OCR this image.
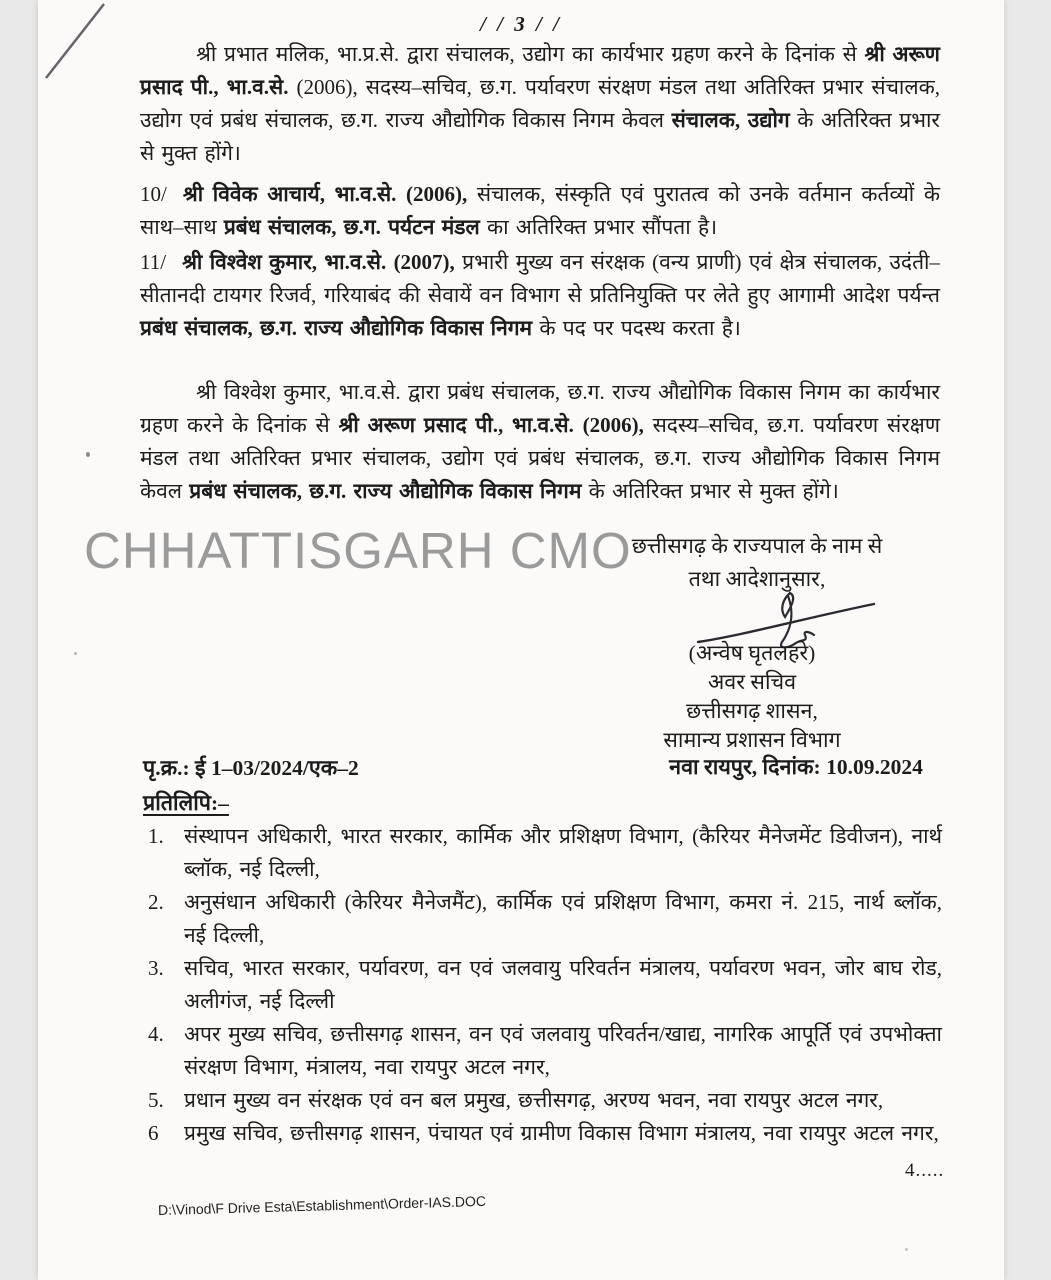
/ / 3 / /

श्री प्रभात मलिक, भा.प्र.से. द्वारा संचालक, उद्योग का कार्यभार ग्रहण करने के दिनांक से श्री अरूण प्रसाद पी., भा.व.से. (2006), सदस्य–सचिव, छ.ग. पर्यावरण संरक्षण मंडल तथा अतिरिक्त प्रभार संचालक, उद्योग एवं प्रबंध संचालक, छ.ग. राज्य औद्योगिक विकास निगम केवल संचालक, उद्योग के अतिरिक्त प्रभार से मुक्त होंगे।

10/ श्री विवेक आचार्य, भा.व.से. (2006), संचालक, संस्कृति एवं पुरातत्व को उनके वर्तमान कर्तव्यों के साथ–साथ प्रबंध संचालक, छ.ग. पर्यटन मंडल का अतिरिक्त प्रभार सौंपता है।

11/ श्री विश्वेश कुमार, भा.व.से. (2007), प्रभारी मुख्य वन संरक्षक (वन्य प्राणी) एवं क्षेत्र संचालक, उदंती–सीतानदी टायगर रिजर्व, गरियाबंद की सेवायें वन विभाग से प्रतिनियुक्ति पर लेते हुए आगामी आदेश पर्यन्त प्रबंध संचालक, छ.ग. राज्य औद्योगिक विकास निगम के पद पर पदस्थ करता है।

श्री विश्वेश कुमार, भा.व.से. द्वारा प्रबंध संचालक, छ.ग. राज्य औद्योगिक विकास निगम का कार्यभार ग्रहण करने के दिनांक से श्री अरूण प्रसाद पी., भा.व.से. (2006), सदस्य–सचिव, छ.ग. पर्यावरण संरक्षण मंडल तथा अतिरिक्त प्रभार संचालक, उद्योग एवं प्रबंध संचालक, छ.ग. राज्य औद्योगिक विकास निगम केवल प्रबंध संचालक, छ.ग. राज्य औद्योगिक विकास निगम के अतिरिक्त प्रभार से मुक्त होंगे।

CHHATTISGARH CMO छत्तीसगढ़ के राज्यपाल के नाम से
तथा आदेशानुसार,
(अन्वेष घृतलहरे)
अवर सचिव
छत्तीसगढ़ शासन,
सामान्य प्रशासन विभाग
नवा रायपुर, दिनांक: 10.09.2024
पृ.क्र.: ई 1–03/2024/एक–2
प्रतिलिपि:–
1. संस्थापन अधिकारी, भारत सरकार, कार्मिक और प्रशिक्षण विभाग, (कैरियर मैनेजमेंट डिवीजन), नार्थ ब्लॉक, नई दिल्ली,
2. अनुसंधान अधिकारी (केरियर मैनेजमैंट), कार्मिक एवं प्रशिक्षण विभाग, कमरा नं. 215, नार्थ ब्लॉक, नई दिल्ली,
3. सचिव, भारत सरकार, पर्यावरण, वन एवं जलवायु परिवर्तन मंत्रालय, पर्यावरण भवन, जोर बाघ रोड, अलीगंज, नई दिल्ली
4. अपर मुख्य सचिव, छत्तीसगढ़ शासन, वन एवं जलवायु परिवर्तन/खाद्य, नागरिक आपूर्ति एवं उपभोक्ता संरक्षण विभाग, मंत्रालय, नवा रायपुर अटल नगर,
5. प्रधान मुख्य वन संरक्षक एवं वन बल प्रमुख, छत्तीसगढ़, अरण्य भवन, नवा रायपुर अटल नगर,
6	प्रमुख सचिव, छत्तीसगढ़ शासन, पंचायत एवं ग्रामीण विकास विभाग मंत्रालय, नवा रायपुर अटल नगर,
4.....
D:\Vinod\F Drive Esta\Establishment\Order-IAS.DOC
